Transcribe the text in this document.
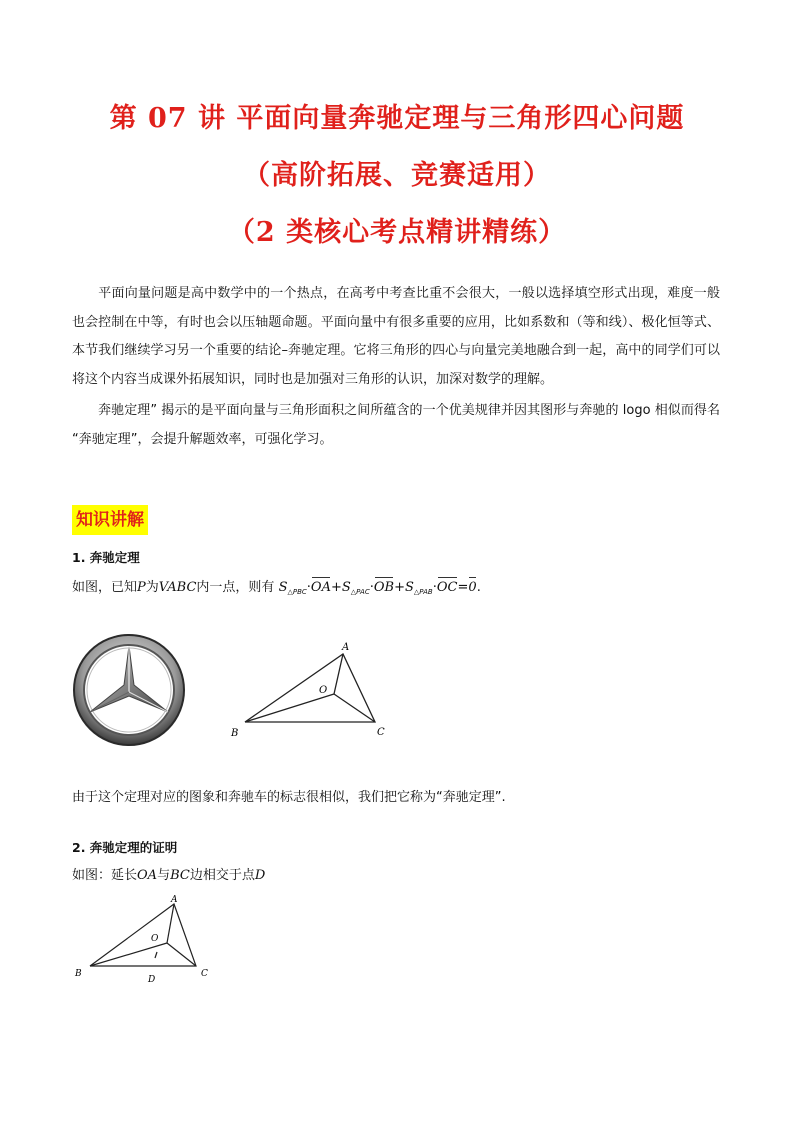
第 07 讲 平面向量奔驰定理与三角形四心问题
（高阶拓展、竞赛适用）
（2 类核心考点精讲精练）
平面向量问题是高中数学中的一个热点，在高考中考查比重不会很大，一般以选择填空形式出现，难度一般也会控制在中等，有时也会以压轴题命题。平面向量中有很多重要的应用，比如系数和（等和线）、极化恒等式、本节我们继续学习另一个重要的结论–奔驰定理。它将三角形的四心与向量完美地融合到一起，高中的同学们可以将这个内容当成课外拓展知识，同时也是加强对三角形的认识，加深对数学的理解。
奔驰定理” 揭示的是平面向量与三角形面积之间所蕴含的一个优美规律并因其图形与奔驰的 logo 相似而得名 “奔驰定理”，会提升解题效率，可强化学习。
知识讲解
1. 奔驰定理
如图，已知P为VABC内一点，则有 $S_{\triangle PBC}\cdot OA+S_{\triangle PAC}\cdot OB+S_{\triangle PAB}\cdot OC=0$.
A
B	C
O
由于这个定理对应的图象和奔驰车的标志很相似，我们把它称为“奔驰定理”.
2. 奔驰定理的证明
如图：延长OA与BC边相交于点D
A
B	C
O
D
